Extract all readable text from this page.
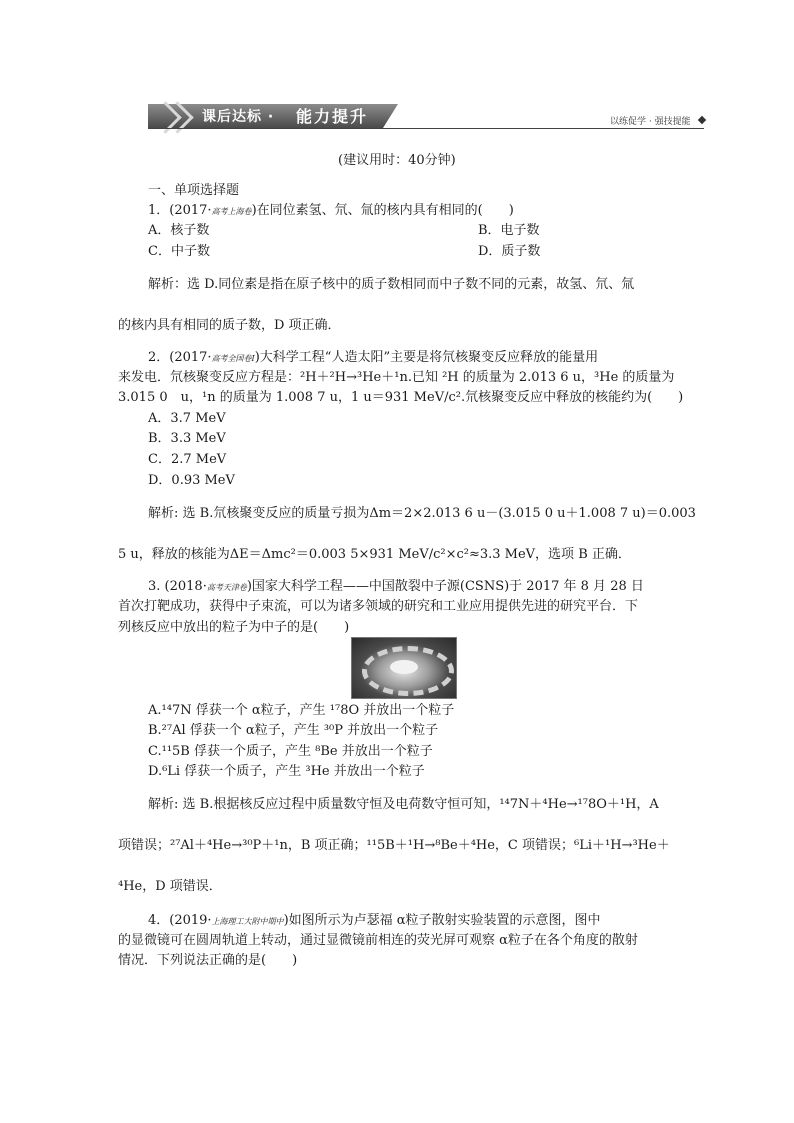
课后达标 · 能力提升	以练促学 · 强技提能
(建议用时：40分钟)
一、单项选择题
1．(2017·高考上海卷)在同位素氢、氘、氚的核内具有相同的(　　)
A．核子数	B．电子数
C．中子数	D．质子数
解析：选 D.同位素是指在原子核中的质子数相同而中子数不同的元素，故氢、氘、氚
的核内具有相同的质子数，D 项正确．
2．(2017·高考全国卷Ⅰ)大科学工程“人造太阳”主要是将氘核聚变反应释放的能量用
来发电．氘核聚变反应方程是：²H＋²H→³He＋¹n.已知 ²H 的质量为 2.013 6 u，³He 的质量为
3.015 0　u，¹n 的质量为 1.008 7 u，1 u＝931 MeV/c².氘核聚变反应中释放的核能约为(　　)
A．3.7 MeV
B．3.3 MeV
C．2.7 MeV
D．0.93 MeV
解析: 选 B.氘核聚变反应的质量亏损为Δm＝2×2.013 6 u－(3.015 0 u＋1.008 7 u)＝0.003
5 u，释放的核能为ΔE＝Δmc²＝0.003 5×931 MeV/c²×c²≈3.3 MeV，选项 B 正确．
3. (2018·高考天津卷)国家大科学工程——中国散裂中子源(CSNS)于 2017 年 8 月 28 日
首次打靶成功，获得中子束流，可以为诸多领域的研究和工业应用提供先进的研究平台．下
列核反应中放出的粒子为中子的是(　　)
A.¹⁴7N 俘获一个 α粒子，产生 ¹⁷8O 并放出一个粒子
B.²⁷Al 俘获一个 α粒子，产生 ³⁰P 并放出一个粒子
C.¹¹5B 俘获一个质子，产生 ⁸Be 并放出一个粒子
D.⁶Li 俘获一个质子，产生 ³He 并放出一个粒子
解析: 选 B.根据核反应过程中质量数守恒及电荷数守恒可知，¹⁴7N＋⁴He→¹⁷8O＋¹H，A
项错误；²⁷Al＋⁴He→³⁰P＋¹n，B 项正确；¹¹5B＋¹H→⁸Be＋⁴He，C 项错误；⁶Li＋¹H→³He＋
⁴He，D 项错误．
4．(2019·上海理工大附中期中)如图所示为卢瑟福 α粒子散射实验装置的示意图，图中
的显微镜可在圆周轨道上转动，通过显微镜前相连的荧光屏可观察 α粒子在各个角度的散射
情况．下列说法正确的是(　　)
